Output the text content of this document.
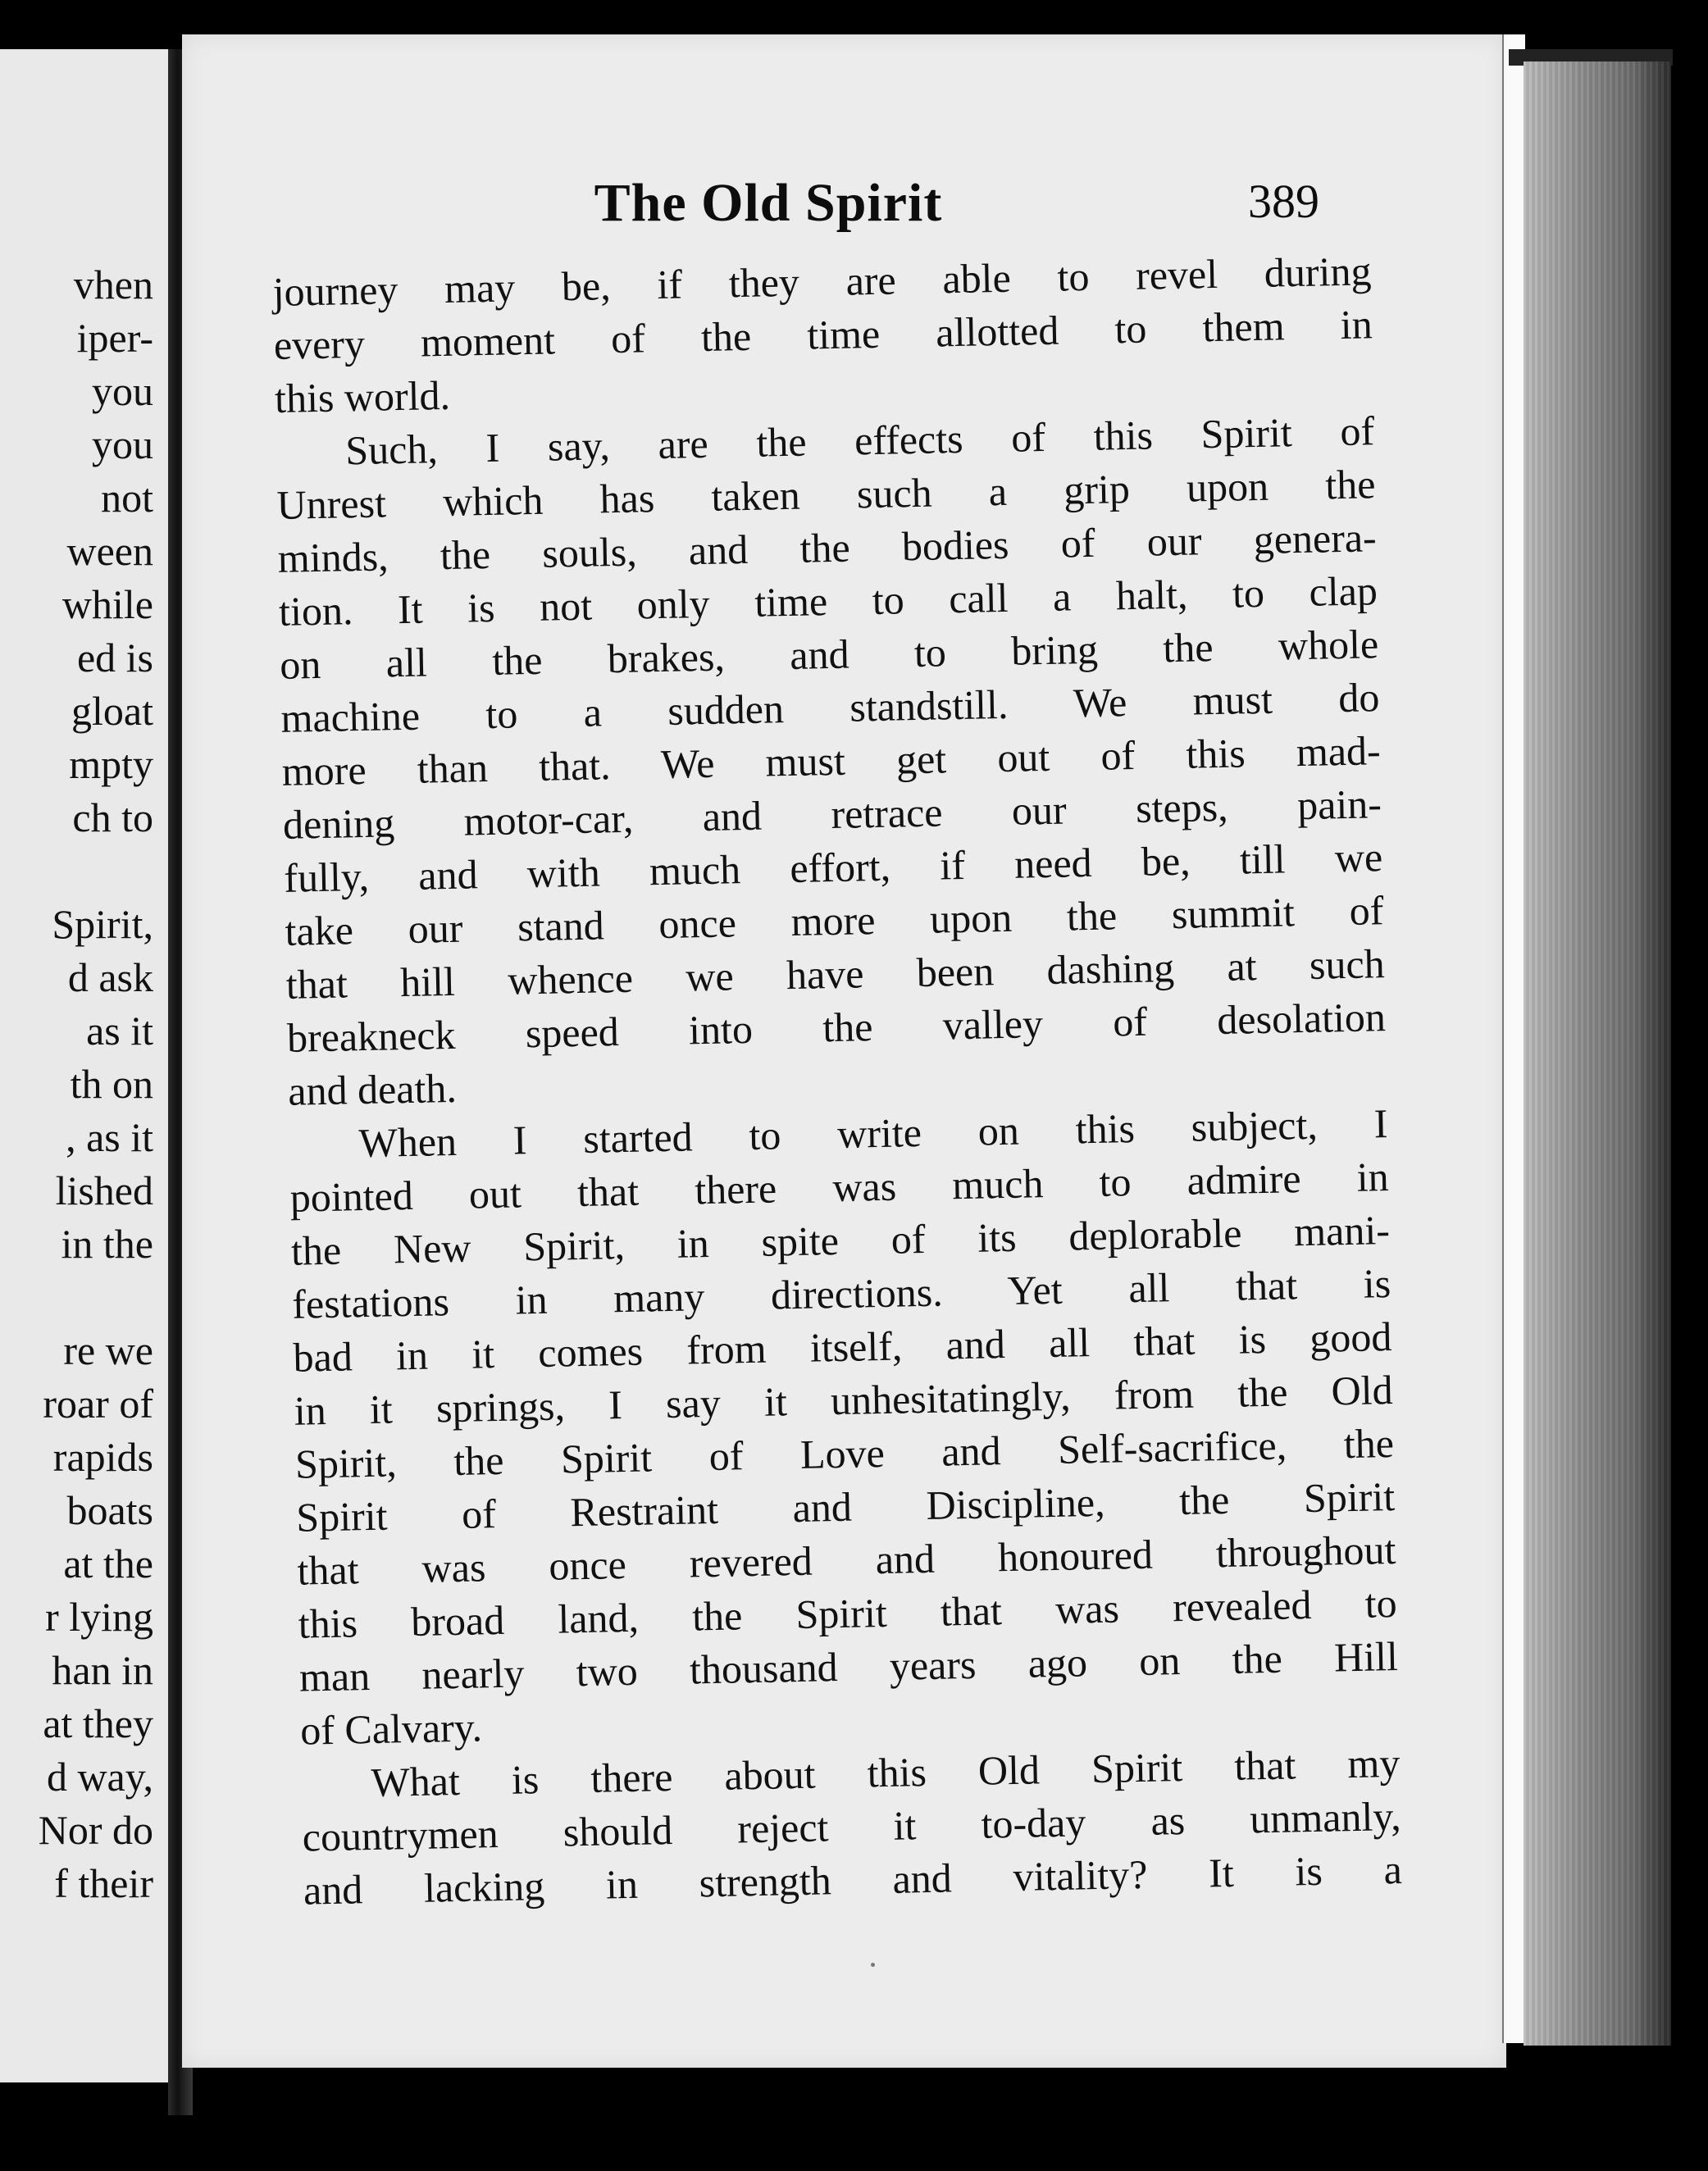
vhen
iper-
you
you
not
ween
while
ed is
gloat
mpty
ch to
Spirit,
d ask
as it
th on
, as it
lished
in the
re we
roar of
rapids
boats
at the
r lying
han in
at they
d way,
Nor do
f their
The Old Spirit	389
journey may be, if they are able to revel during
every moment of the time allotted to them in
this world.
Such, I say, are the effects of this Spirit of
Unrest which has taken such a grip upon the
minds, the souls, and the bodies of our genera-
tion. It is not only time to call a halt, to clap
on all the brakes, and to bring the whole
machine to a sudden standstill. We must do
more than that. We must get out of this mad-
dening motor-car, and retrace our steps, pain-
fully, and with much effort, if need be, till we
take our stand once more upon the summit of
that hill whence we have been dashing at such
breakneck speed into the valley of desolation
and death.
When I started to write on this subject, I
pointed out that there was much to admire in
the New Spirit, in spite of its deplorable mani-
festations in many directions. Yet all that is
bad in it comes from itself, and all that is good
in it springs, I say it unhesitatingly, from the Old
Spirit, the Spirit of Love and Self-sacrifice, the
Spirit of Restraint and Discipline, the Spirit
that was once revered and honoured throughout
this broad land, the Spirit that was revealed to
man nearly two thousand years ago on the Hill
of Calvary.
What is there about this Old Spirit that my
countrymen should reject it to-day as unmanly,
and lacking in strength and vitality? It is a
